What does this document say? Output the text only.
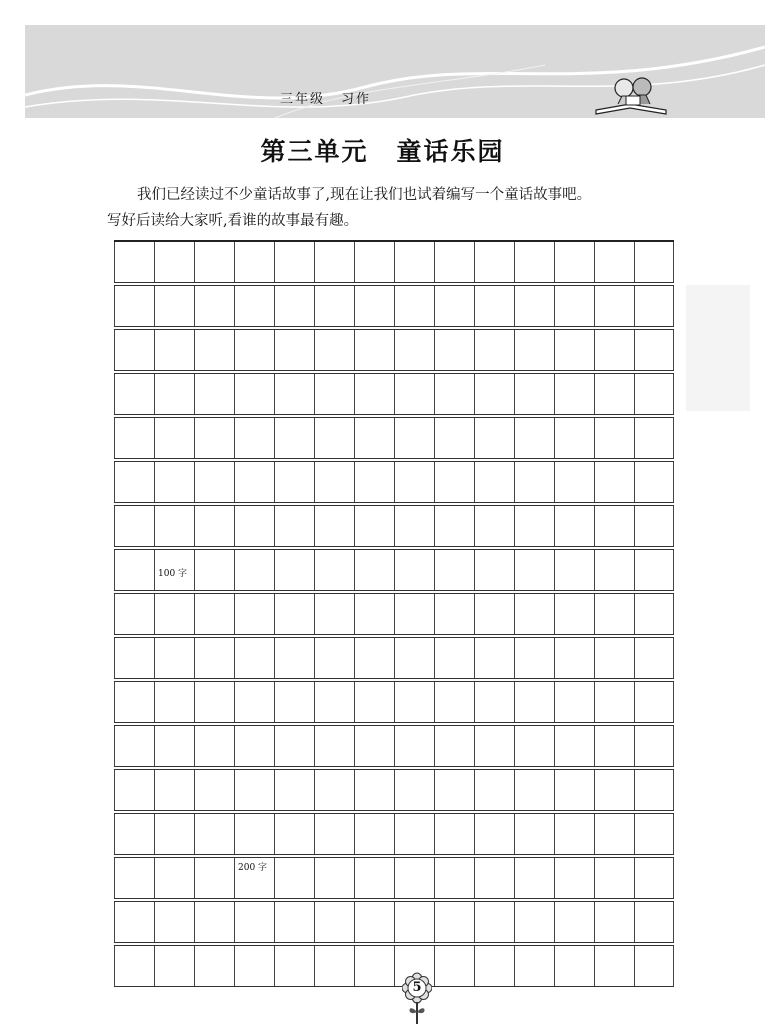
三年级 习作
第三单元 童话乐园

我们已经读过不少童话故事了,现在让我们也试着编写一个童话故事吧。

写好后读给大家听,看谁的故事最有趣。

100 字
200 字
5
